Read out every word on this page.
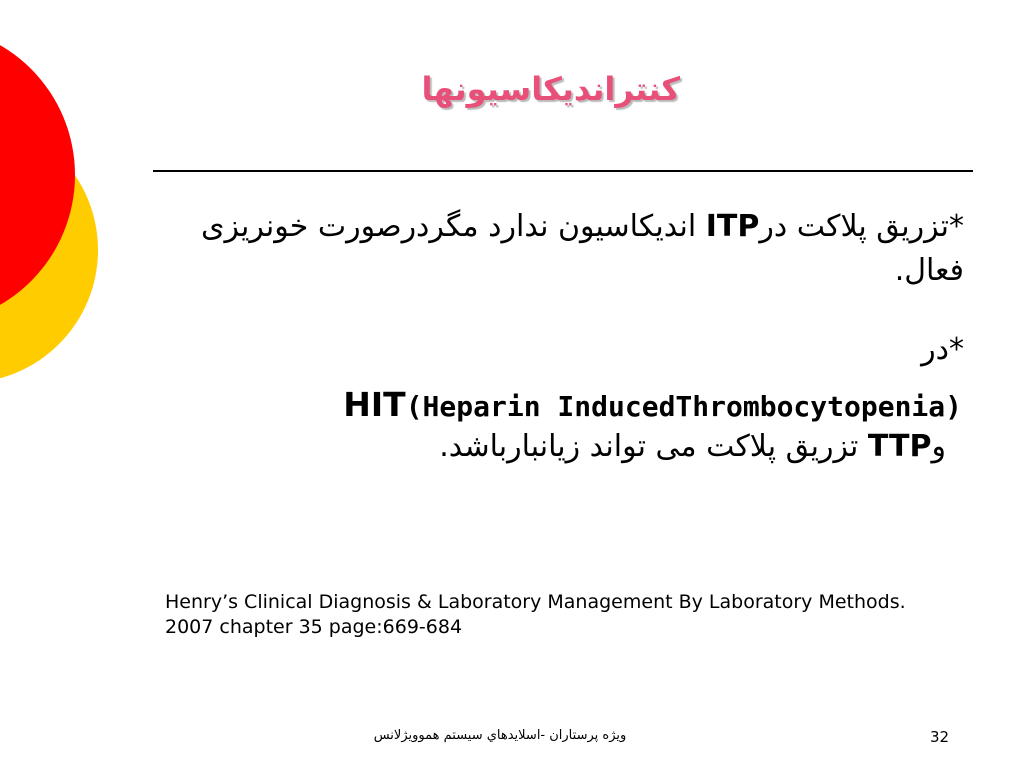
کنتراندیکاسیونها
*تزریق پلاکت درITP اندیکاسیون ندارد مگردرصورت خونریزی فعال.
*در
HIT(Heparin InducedThrombocytopenia)
وTTP تزریق پلاکت می تواند زیانبارباشد.
Henry’s Clinical Diagnosis & Laboratory Management By Laboratory Methods. 2007 chapter 35 page:669-684
ويژه پرستاران -اسلايدهاي سيستم هموويژلانس	32
